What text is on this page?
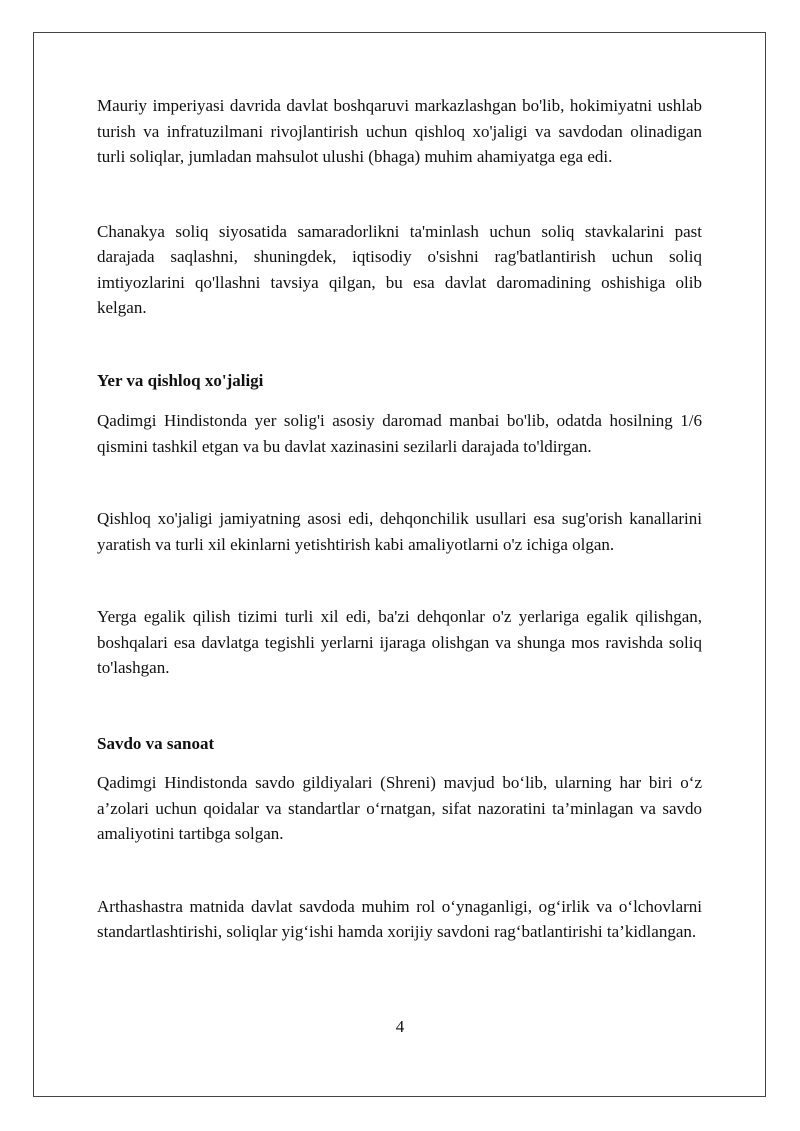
Mauriy imperiyasi davrida davlat boshqaruvi markazlashgan bo'lib, hokimiyatni ushlab turish va infratuzilmani rivojlantirish uchun qishloq xo'jaligi va savdodan olinadigan turli soliqlar, jumladan mahsulot ulushi (bhaga) muhim ahamiyatga ega edi.

Chanakya soliq siyosatida samaradorlikni ta'minlash uchun soliq stavkalarini past darajada saqlashni, shuningdek, iqtisodiy o'sishni rag'batlantirish uchun soliq imtiyozlarini qo'llashni tavsiya qilgan, bu esa davlat daromadining oshishiga olib kelgan.

Yer va qishloq xo'jaligi

Qadimgi Hindistonda yer solig'i asosiy daromad manbai bo'lib, odatda hosilning 1/6 qismini tashkil etgan va bu davlat xazinasini sezilarli darajada to'ldirgan.

Qishloq xo'jaligi jamiyatning asosi edi, dehqonchilik usullari esa sug'orish kanallarini yaratish va turli xil ekinlarni yetishtirish kabi amaliyotlarni o'z ichiga olgan.

Yerga egalik qilish tizimi turli xil edi, ba'zi dehqonlar o'z yerlariga egalik qilishgan, boshqalari esa davlatga tegishli yerlarni ijaraga olishgan va shunga mos ravishda soliq to'lashgan.

Savdo va sanoat

Qadimgi Hindistonda savdo gildiyalari (Shreni) mavjud bo‘lib, ularning har biri o‘z a’zolari uchun qoidalar va standartlar o‘rnatgan, sifat nazoratini ta’minlagan va savdo amaliyotini tartibga solgan.

Arthashastra matnida davlat savdoda muhim rol o‘ynaganligi, og‘irlik va o‘lchovlarni standartlashtirishi, soliqlar yig‘ishi hamda xorijiy savdoni rag‘batlantirishi ta’kidlangan.

4
